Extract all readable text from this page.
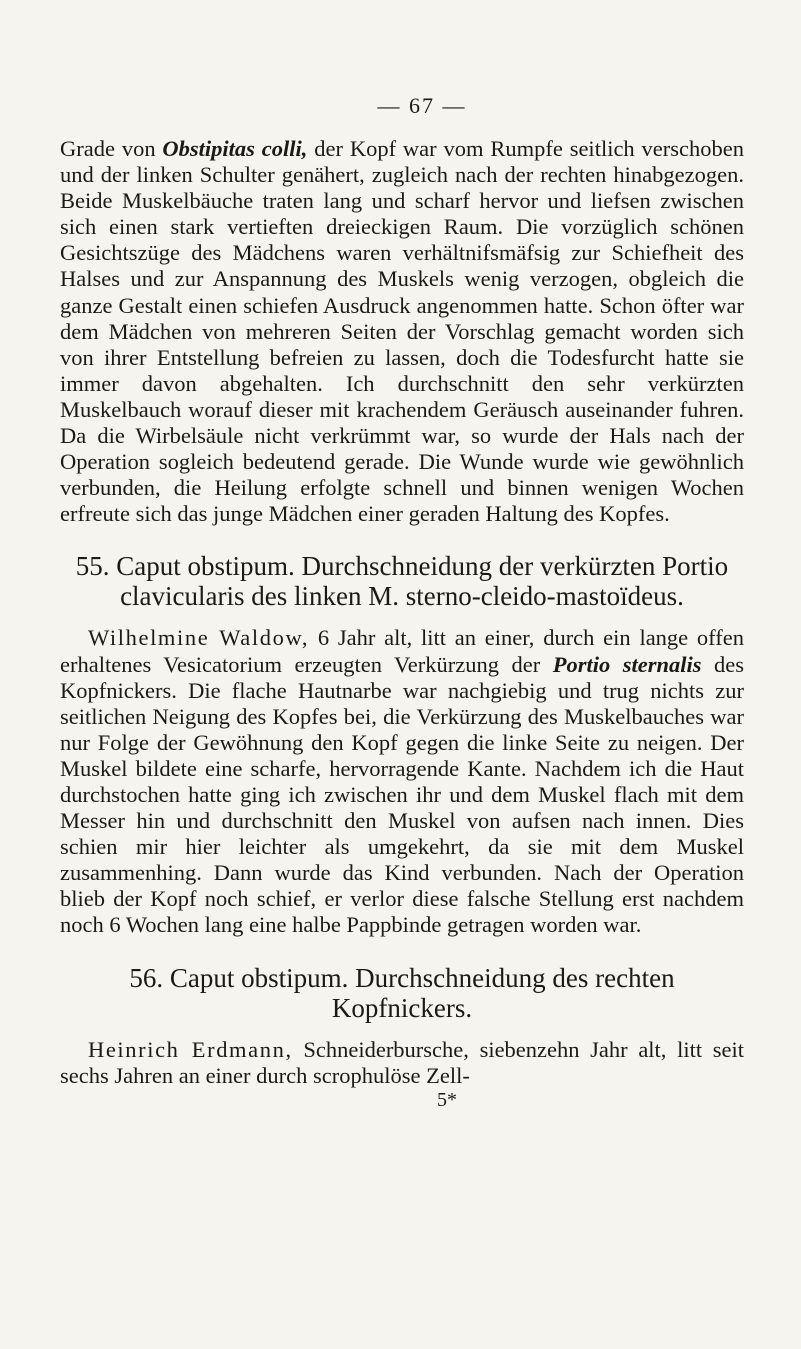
— 67 —

Grade von Obstipitas colli, der Kopf war vom Rumpfe seitlich verschoben und der linken Schulter genähert, zugleich nach der rechten hinabgezogen. Beide Muskelbäuche traten lang und scharf hervor und liefsen zwischen sich einen stark vertieften dreieckigen Raum. Die vorzüglich schönen Gesichtszüge des Mädchens waren verhältnifsmäfsig zur Schiefheit des Halses und zur Anspannung des Muskels wenig verzogen, obgleich die ganze Gestalt einen schiefen Ausdruck angenommen hatte. Schon öfter war dem Mädchen von mehreren Seiten der Vorschlag gemacht worden sich von ihrer Entstellung befreien zu lassen, doch die Todesfurcht hatte sie immer davon abgehalten. Ich durchschnitt den sehr verkürzten Muskelbauch worauf dieser mit krachendem Geräusch auseinander fuhren. Da die Wirbelsäule nicht verkrümmt war, so wurde der Hals nach der Operation sogleich bedeutend gerade. Die Wunde wurde wie gewöhnlich verbunden, die Heilung erfolgte schnell und binnen wenigen Wochen erfreute sich das junge Mädchen einer geraden Haltung des Kopfes.

55. Caput obstipum. Durchschneidung der verkürzten Portio clavicularis des linken M. sterno-cleido-mastoïdeus.

Wilhelmine Waldow, 6 Jahr alt, litt an einer, durch ein lange offen erhaltenes Vesicatorium erzeugten Verkürzung der Portio sternalis des Kopfnickers. Die flache Hautnarbe war nachgiebig und trug nichts zur seitlichen Neigung des Kopfes bei, die Verkürzung des Muskelbauches war nur Folge der Gewöhnung den Kopf gegen die linke Seite zu neigen. Der Muskel bildete eine scharfe, hervorragende Kante. Nachdem ich die Haut durchstochen hatte ging ich zwischen ihr und dem Muskel flach mit dem Messer hin und durchschnitt den Muskel von aufsen nach innen. Dies schien mir hier leichter als umgekehrt, da sie mit dem Muskel zusammenhing. Dann wurde das Kind verbunden. Nach der Operation blieb der Kopf noch schief, er verlor diese falsche Stellung erst nachdem noch 6 Wochen lang eine halbe Pappbinde getragen worden war.

56. Caput obstipum. Durchschneidung des rechten Kopfnickers.

Heinrich Erdmann, Schneiderbursche, siebenzehn Jahr alt, litt seit sechs Jahren an einer durch scrophulöse Zell-

5*
